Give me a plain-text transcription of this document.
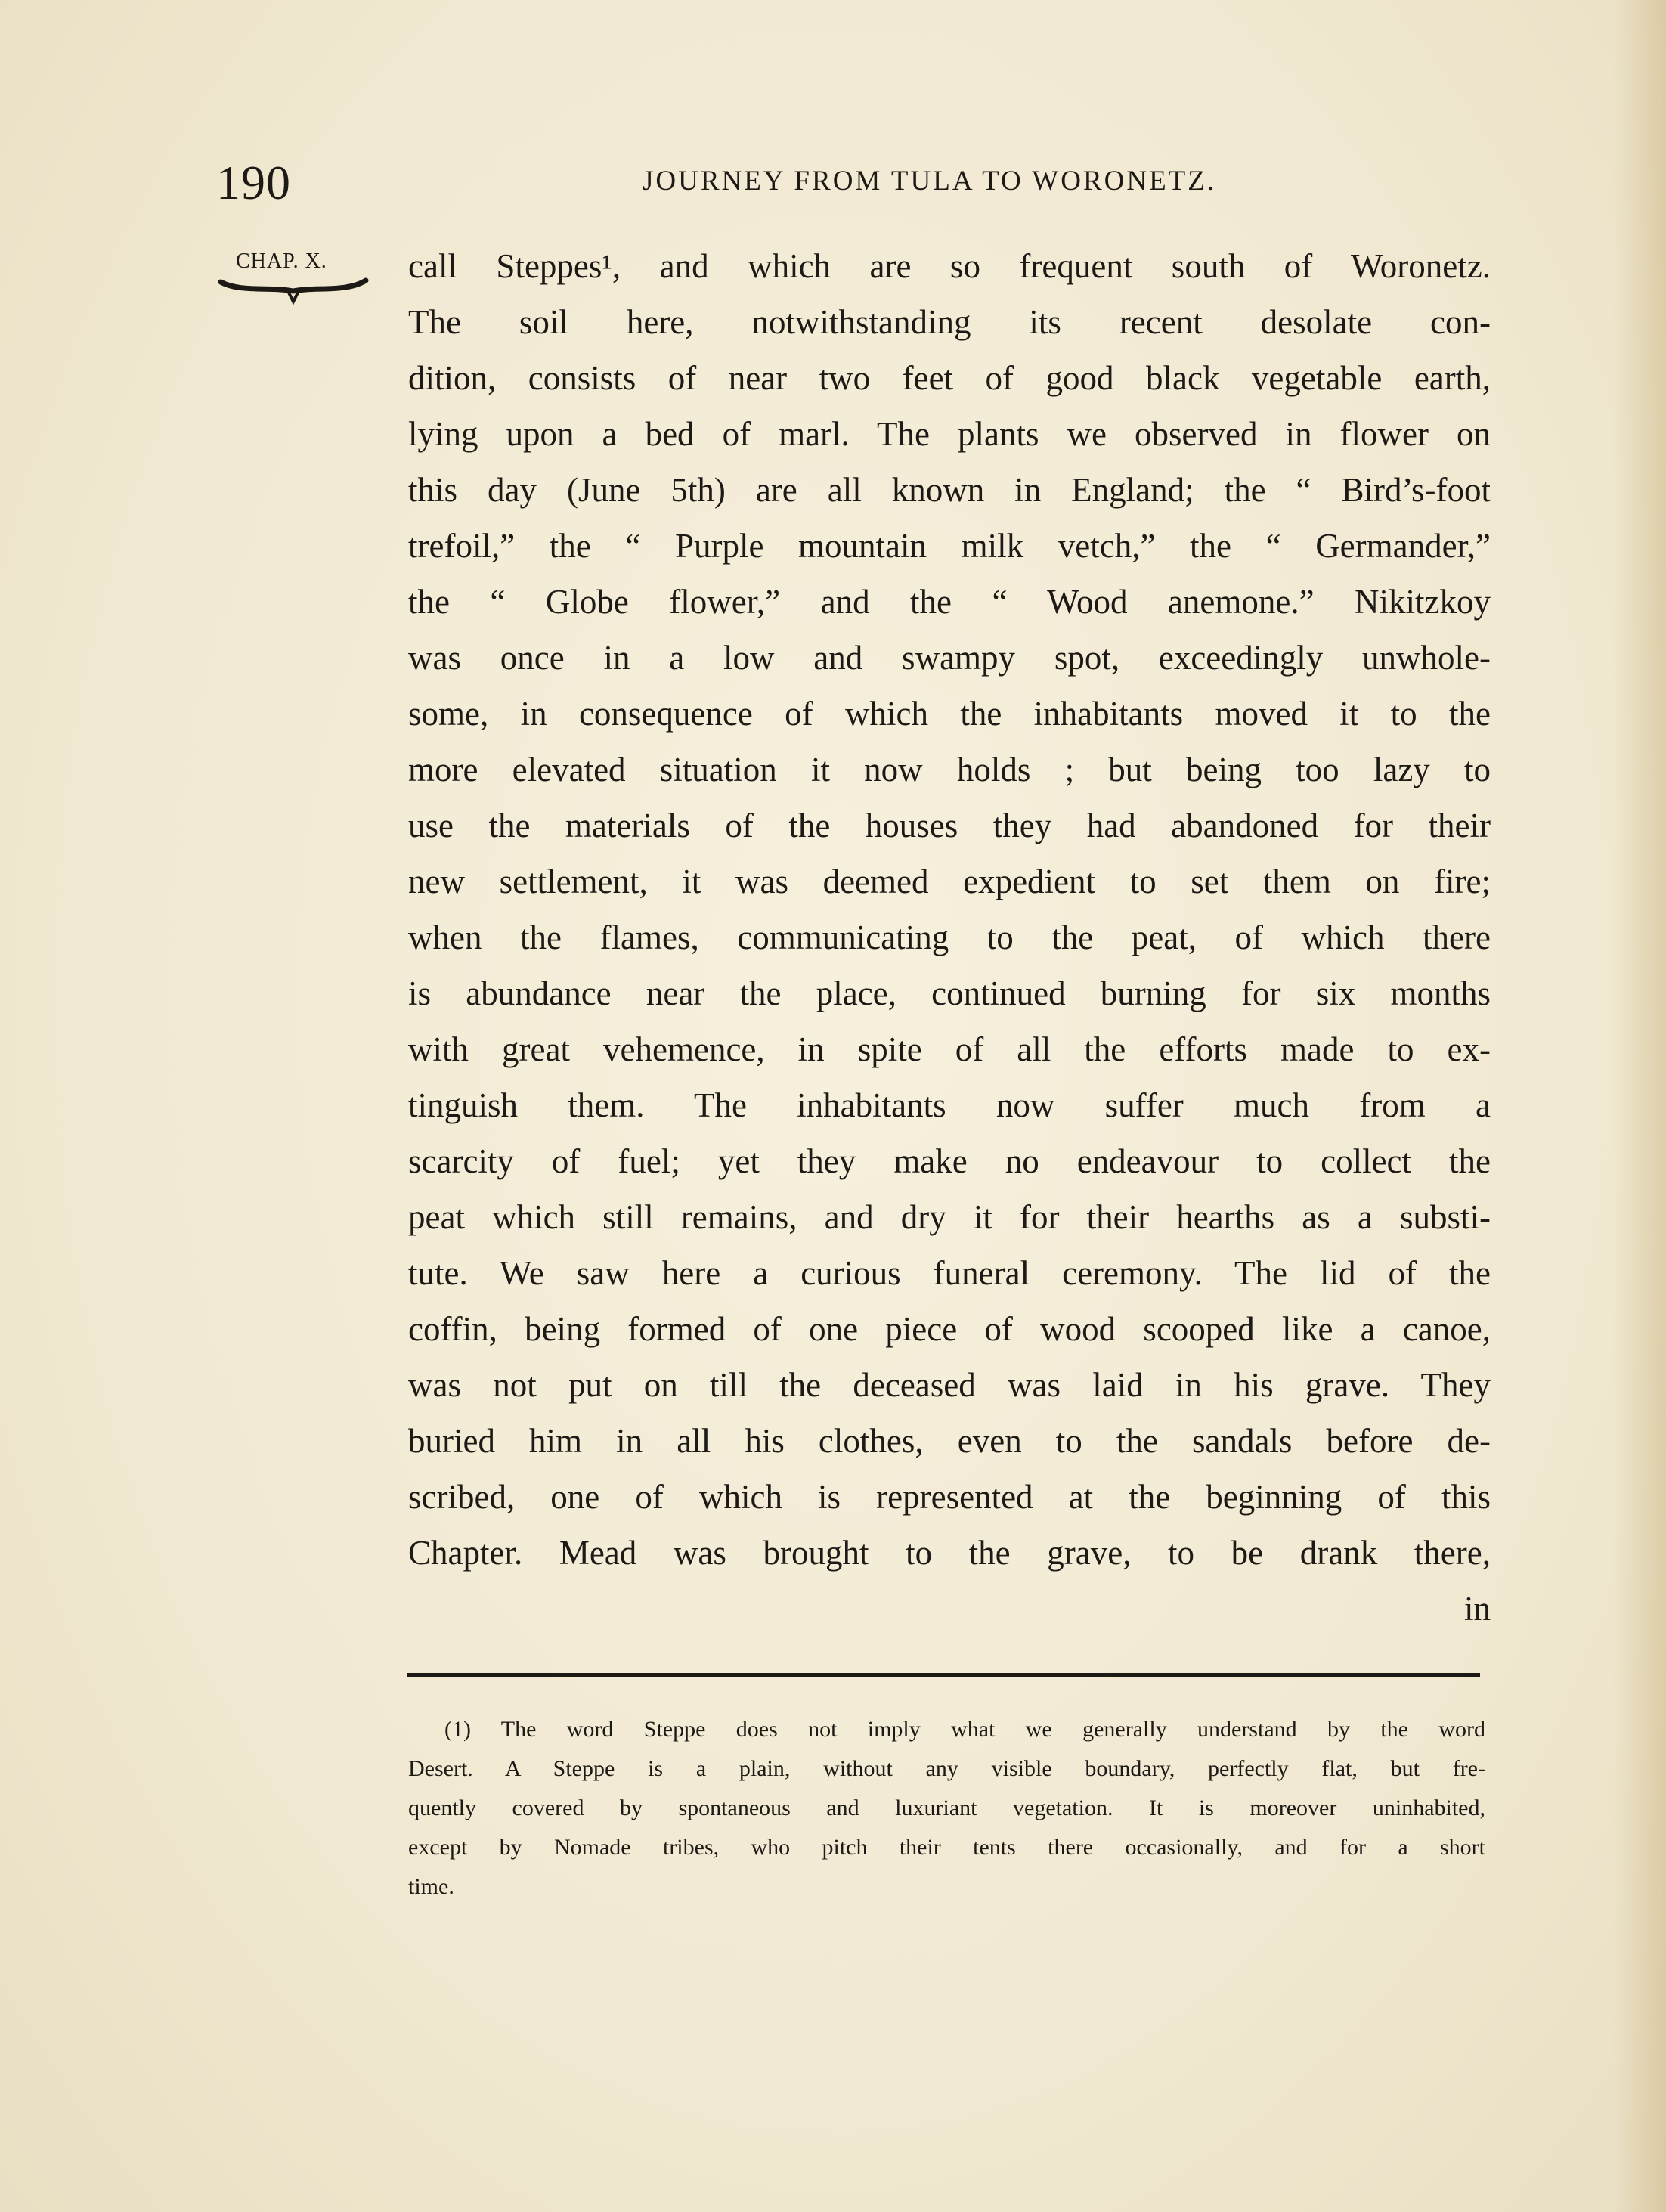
190	JOURNEY FROM TULA TO WORONETZ.
CHAP. X. call Steppes¹, and which are so frequent south of Woronetz.
The soil here, notwithstanding its recent desolate con-
dition, consists of near two feet of good black vegetable earth,
lying upon a bed of marl. The plants we observed in flower on
this day (June 5th) are all known in England; the “ Bird’s-foot
trefoil,” the “ Purple mountain milk vetch,” the “ Germander,”
the “ Globe flower,” and the “ Wood anemone.” Nikitzkoy
was once in a low and swampy spot, exceedingly unwhole-
some, in consequence of which the inhabitants moved it to the
more elevated situation it now holds ; but being too lazy to
use the materials of the houses they had abandoned for their
new settlement, it was deemed expedient to set them on fire;
when the flames, communicating to the peat, of which there
is abundance near the place, continued burning for six months
with great vehemence, in spite of all the efforts made to ex-
tinguish them. The inhabitants now suffer much from a
scarcity of fuel; yet they make no endeavour to collect the
peat which still remains, and dry it for their hearths as a substi-
tute. We saw here a curious funeral ceremony. The lid of the
coffin, being formed of one piece of wood scooped like a canoe,
was not put on till the deceased was laid in his grave. They
buried him in all his clothes, even to the sandals before de-
scribed, one of which is represented at the beginning of this
Chapter. Mead was brought to the grave, to be drank there,
in
(1) The word Steppe does not imply what we generally understand by the word
Desert. A Steppe is a plain, without any visible boundary, perfectly flat, but fre-
quently covered by spontaneous and luxuriant vegetation. It is moreover uninhabited,
except by Nomade tribes, who pitch their tents there occasionally, and for a short
time.
